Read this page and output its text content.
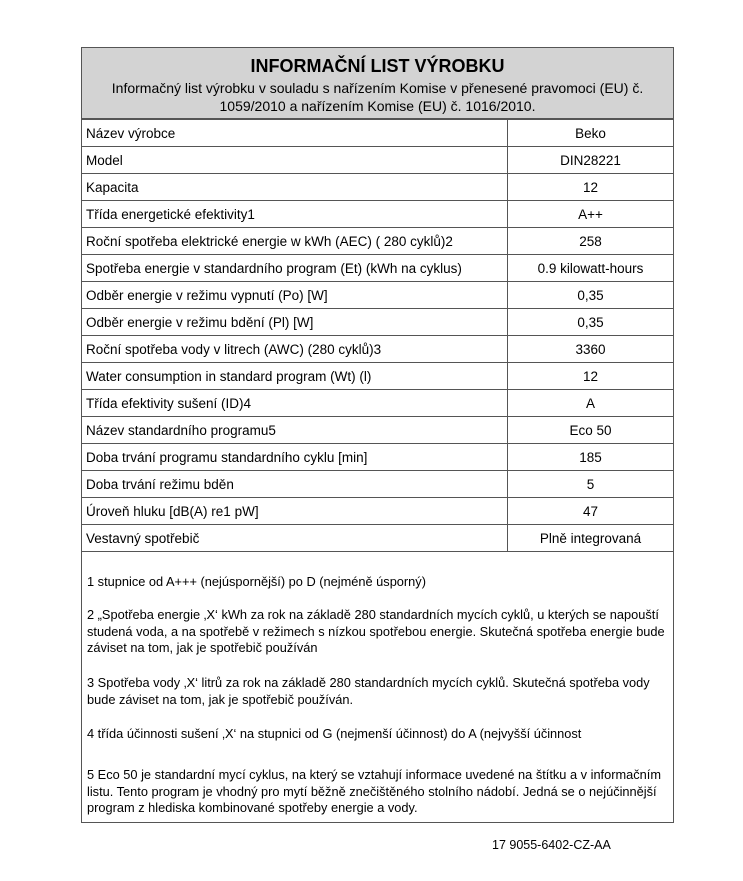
INFORMAČNÍ LIST VÝROBKU
Informačný list výrobku v souladu s nařízením Komise v přenesené pravomoci (EU) č. 1059/2010 a nařízením Komise (EU) č. 1016/2010.
Název výrobce	Beko
Model	DIN28221
Kapacita	12
Třída energetické efektivity1	A++
Roční spotřeba elektrické energie w kWh (AEC) ( 280 cyklů)2	258
Spotřeba energie v standardního program (Et) (kWh na cyklus)	0.9 kilowatt-hours
Odběr energie v režimu vypnutí (Po) [W]	0,35
Odběr energie v režimu bdění (Pl) [W]	0,35
Roční spotřeba vody v litrech (AWC) (280 cyklů)3	3360
Water consumption in standard program (Wt) (l)	12
Třída efektivity sušení (ID)4	A
Název standardního programu5	Eco 50
Doba trvání programu standardního cyklu [min]	185
Doba trvání režimu bděn	5
Úroveň hluku [dB(A) re1 pW]	47
Vestavný spotřebič	Plně integrovaná

1 stupnice od A+++ (nejúspornější) po D (nejméně úsporný)

2 „Spotřeba energie ‚X‘ kWh za rok na základě 280 standardních mycích cyklů, u kterých se napouští studená voda, a na spotřebě v režimech s nízkou spotřebou energie. Skutečná spotřeba energie bude záviset na tom, jak je spotřebič používán

3 Spotřeba vody ‚X‘ litrů za rok na základě 280 standardních mycích cyklů. Skutečná spotřeba vody bude záviset na tom, jak je spotřebič používán.

4 třída účinnosti sušení ‚X‘ na stupnici od G (nejmenší účinnost) do A (nejvyšší účinnost

5 Eco 50 je standardní mycí cyklus, na který se vztahují informace uvedené na štítku a v informačním listu. Tento program je vhodný pro mytí běžně znečištěného stolního nádobí. Jedná se o nejúčinnější program z hlediska kombinované spotřeby energie a vody.

17 9055-6402-CZ-AA
